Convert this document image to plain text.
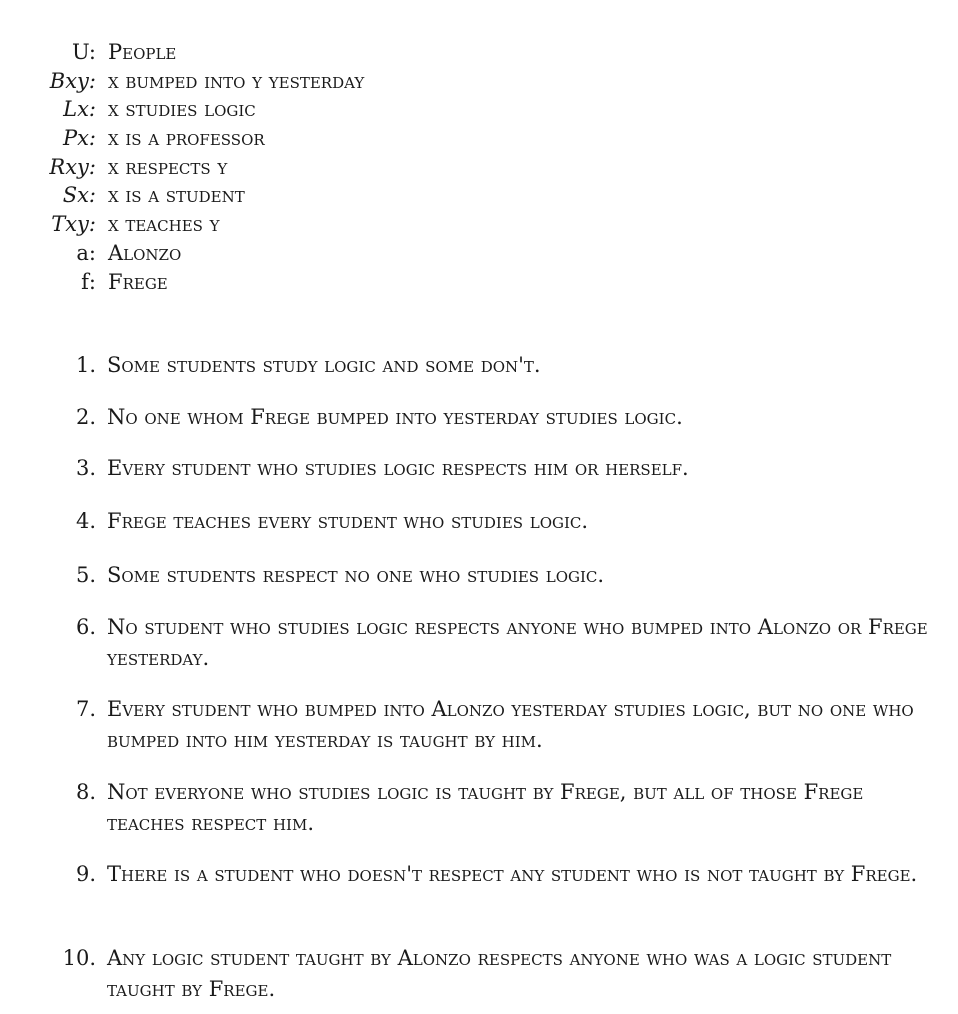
U: People
Bxy: x bumped into y yesterday
Lx: x studies logic
Px: x is a professor
Rxy: x respects y
Sx: x is a student
Txy: x teaches y
a: Alonzo
f: Frege
1. Some students study logic and some don't.
2. No one whom Frege bumped into yesterday studies logic.
3. Every student who studies logic respects him or herself.
4. Frege teaches every student who studies logic.
5. Some students respect no one who studies logic.
6. No student who studies logic respects anyone who bumped into Alonzo or Frege yesterday.
7. Every student who bumped into Alonzo yesterday studies logic, but no one who bumped into him yesterday is taught by him.
8. Not everyone who studies logic is taught by Frege, but all of those Frege teaches respect him.
9. There is a student who doesn't respect any student who is not taught by Frege.
10. Any logic student taught by Alonzo respects anyone who was a logic student taught by Frege.
